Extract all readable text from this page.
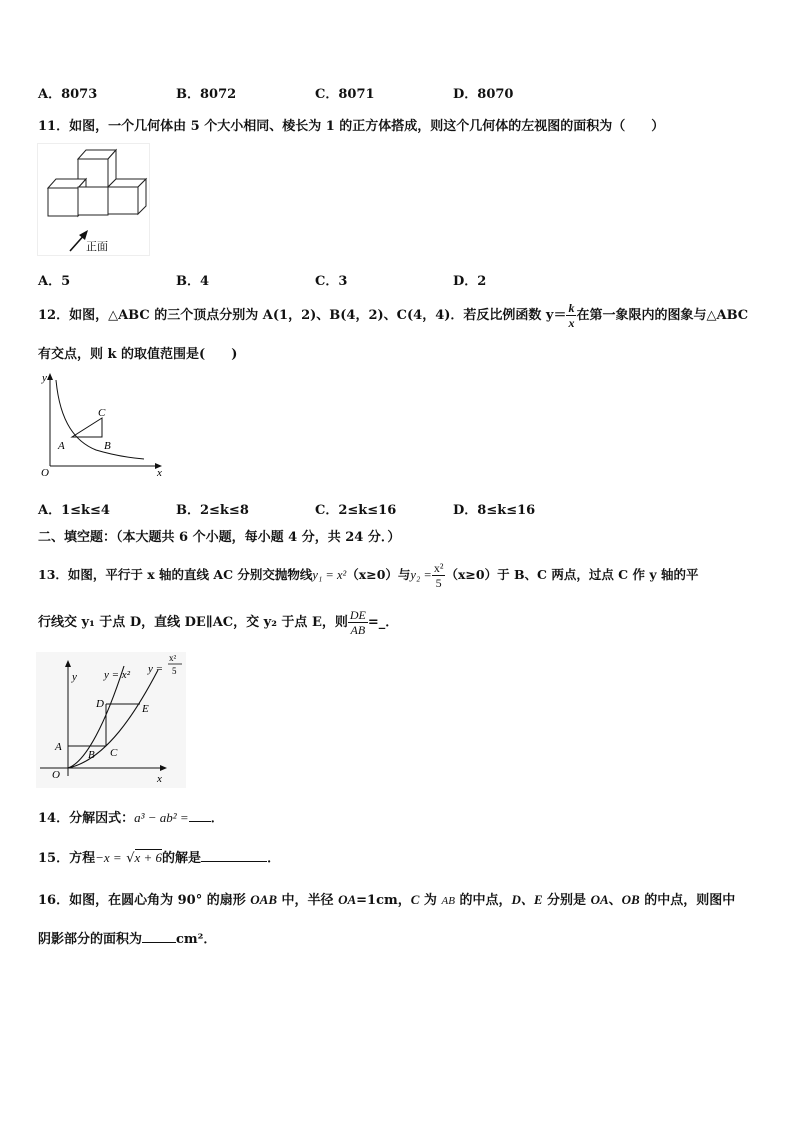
A．8073	B．8072	C．8071	D．8070
11．如图，一个几何体由 5 个大小相同、棱长为 1 的正方体搭成，则这个几何体的左视图的面积为（　　）
正面
A．5	B．4	C．3	D．2
12．如图，△ABC 的三个顶点分别为 A(1，2)、B(4，2)、C(4，4)．若反比例函数 $y= \frac{k}{x}$ 在第一象限内的图象与△ABC
有交点，则 k 的取值范围是(　　)
y
x
O
A	B
C
A．1≤k≤4	B．2≤k≤8	C．2≤k≤16	D．8≤k≤16
二、填空题：（本大题共 6 个小题，每小题 4 分，共 24 分．）
13．如图，平行于 x 轴的直线 AC 分别交抛物线y₁ = x²（x≥0）与$y_2 = \frac{\text{x²}}{5} (x\ge 0)$于 B、C 两点，过点 C 作 y 轴的平
行线交 y₁ 于点 D，直线 DE∥AC，交 y₂ 于点 E，则 $\frac{DE}{AB}$ =_．
y
x
O
A
B C
D	E
y = x² y =
x²
5
14．分解因式：a³ − ab² = ．
15．方程−x = √x + 6的解是	．
16．如图，在圆心角为 90° 的扇形 OAB 中，半径 OA=1cm，C 为 AB 的中点，D、E 分别是 OA、OB 的中点，则图中
阴影部分的面积为	cm²．
